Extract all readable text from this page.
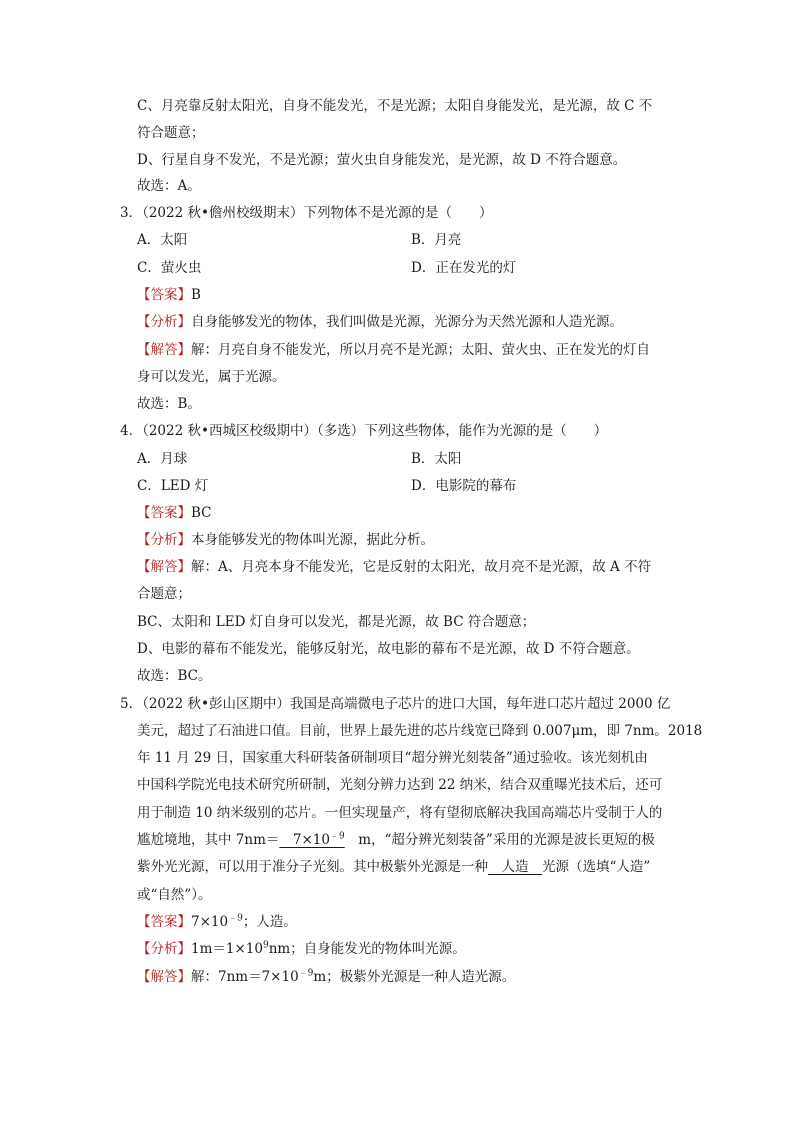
C、月亮靠反射太阳光，自身不能发光，不是光源；太阳自身能发光，是光源，故 C 不
符合题意；
D、行星自身不发光，不是光源；萤火虫自身能发光，是光源，故 D 不符合题意。
故选：A。
3．（2022 秋•儋州校级期末）下列物体不是光源的是（　　）
A．太阳	B．月亮
C．萤火虫	D．正在发光的灯
【答案】B
【分析】自身能够发光的物体，我们叫做是光源，光源分为天然光源和人造光源。
【解答】解：月亮自身不能发光，所以月亮不是光源；太阳、萤火虫、正在发光的灯自
身可以发光，属于光源。
故选：B。
4．（2022 秋•西城区校级期中）（多选）下列这些物体，能作为光源的是（　　）
A．月球	B．太阳
C．LED 灯	D．电影院的幕布
【答案】BC
【分析】本身能够发光的物体叫光源，据此分析。
【解答】解：A、月亮本身不能发光，它是反射的太阳光，故月亮不是光源，故 A 不符
合题意；
BC、太阳和 LED 灯自身可以发光，都是光源，故 BC 符合题意；
D、电影的幕布不能发光，能够反射光，故电影的幕布不是光源，故 D 不符合题意。
故选：BC。
5．（2022 秋•彭山区期中）我国是高端微电子芯片的进口大国，每年进口芯片超过 2000 亿
美元，超过了石油进口值。目前，世界上最先进的芯片线宽已降到 0.007μm，即 7nm。2018
年 11 月 29 日，国家重大科研装备研制项目“超分辨光刻装备”通过验收。该光刻机由
中国科学院光电技术研究所研制，光刻分辨力达到 22 纳米，结合双重曝光技术后，还可
用于制造 10 纳米级别的芯片。一但实现量产，将有望彻底解决我国高端芯片受制于人的
尴尬境地，其中 7nm＝　$7\times 10^{﹣9}$　m，“超分辨光刻装备”采用的光源是波长更短的极
紫外光光源，可以用于准分子光刻。其中极紫外光源是一种　人造　光源（选填“人造”
或“自然”）。
【答案】$7\times 10^{﹣9}$；人造。
【分析】$1m=1\times 10^9nm$；自身能发光的物体叫光源。
【解答】解：$7nm=7\times 10^{﹣9}m$；极紫外光源是一种人造光源。
